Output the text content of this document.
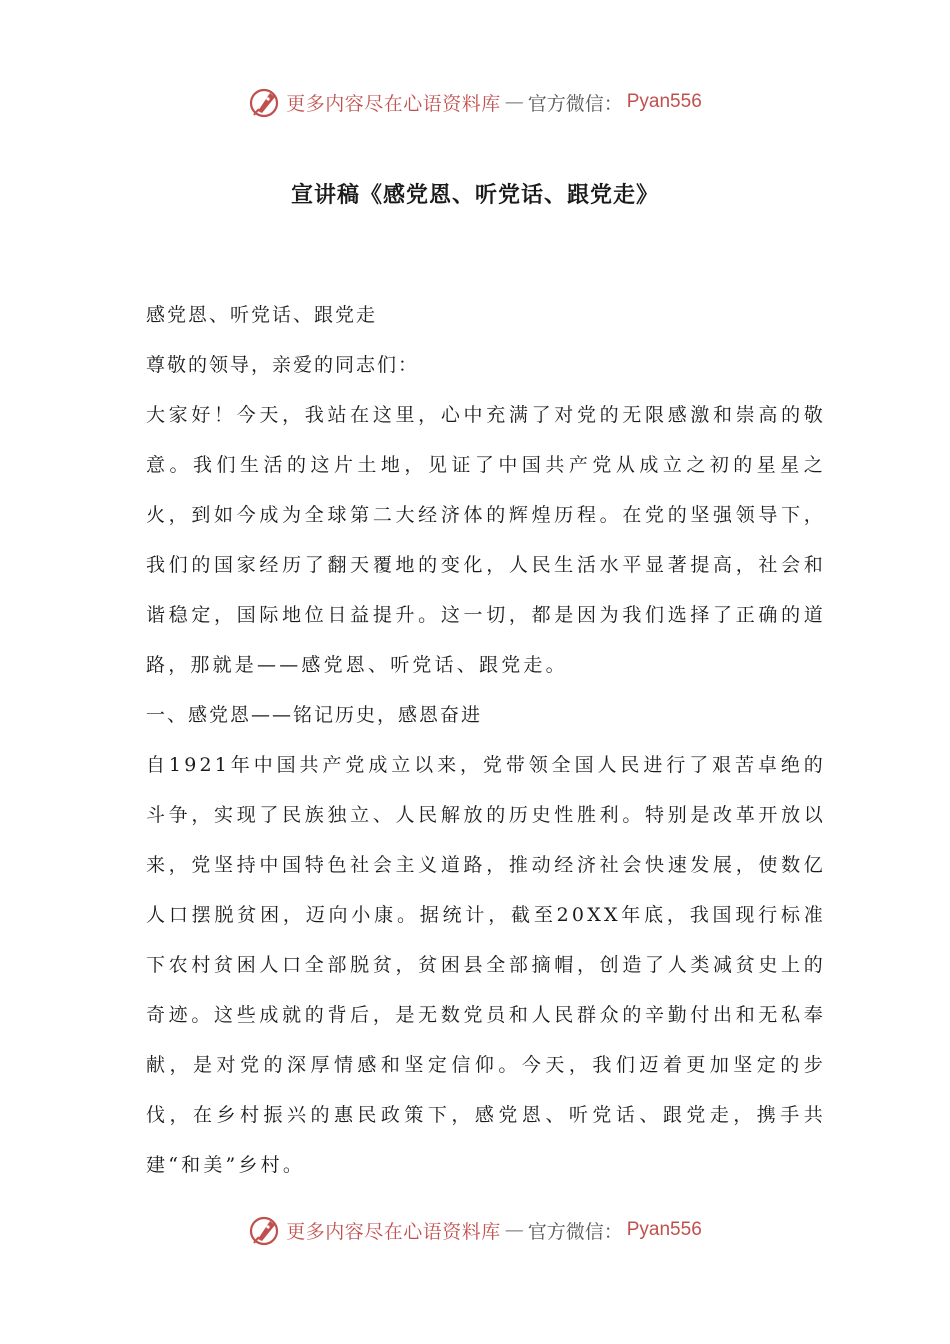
更多内容尽在心语资料库 — 官方微信： Pyan556
宣讲稿《感党恩、听党话、跟党走》

感党恩、听党话、跟党走

尊敬的领导，亲爱的同志们：

大家好！今天，我站在这里，心中充满了对党的无限感激和崇高的敬意。我们生活的这片土地，见证了中国共产党从成立之初的星星之火，到如今成为全球第二大经济体的辉煌历程。在党的坚强领导下，我们的国家经历了翻天覆地的变化，人民生活水平显著提高，社会和谐稳定，国际地位日益提升。这一切，都是因为我们选择了正确的道路，那就是——感党恩、听党话、跟党走。

一、感党恩——铭记历史，感恩奋进

自1921年中国共产党成立以来，党带领全国人民进行了艰苦卓绝的斗争，实现了民族独立、人民解放的历史性胜利。特别是改革开放以来，党坚持中国特色社会主义道路，推动经济社会快速发展，使数亿人口摆脱贫困，迈向小康。据统计，截至20XX年底，我国现行标准下农村贫困人口全部脱贫，贫困县全部摘帽，创造了人类减贫史上的奇迹。这些成就的背后，是无数党员和人民群众的辛勤付出和无私奉献，是对党的深厚情感和坚定信仰。今天，我们迈着更加坚定的步伐，在乡村振兴的惠民政策下，感党恩、听党话、跟党走，携手共建“和美”乡村。

更多内容尽在心语资料库 — 官方微信： Pyan556
